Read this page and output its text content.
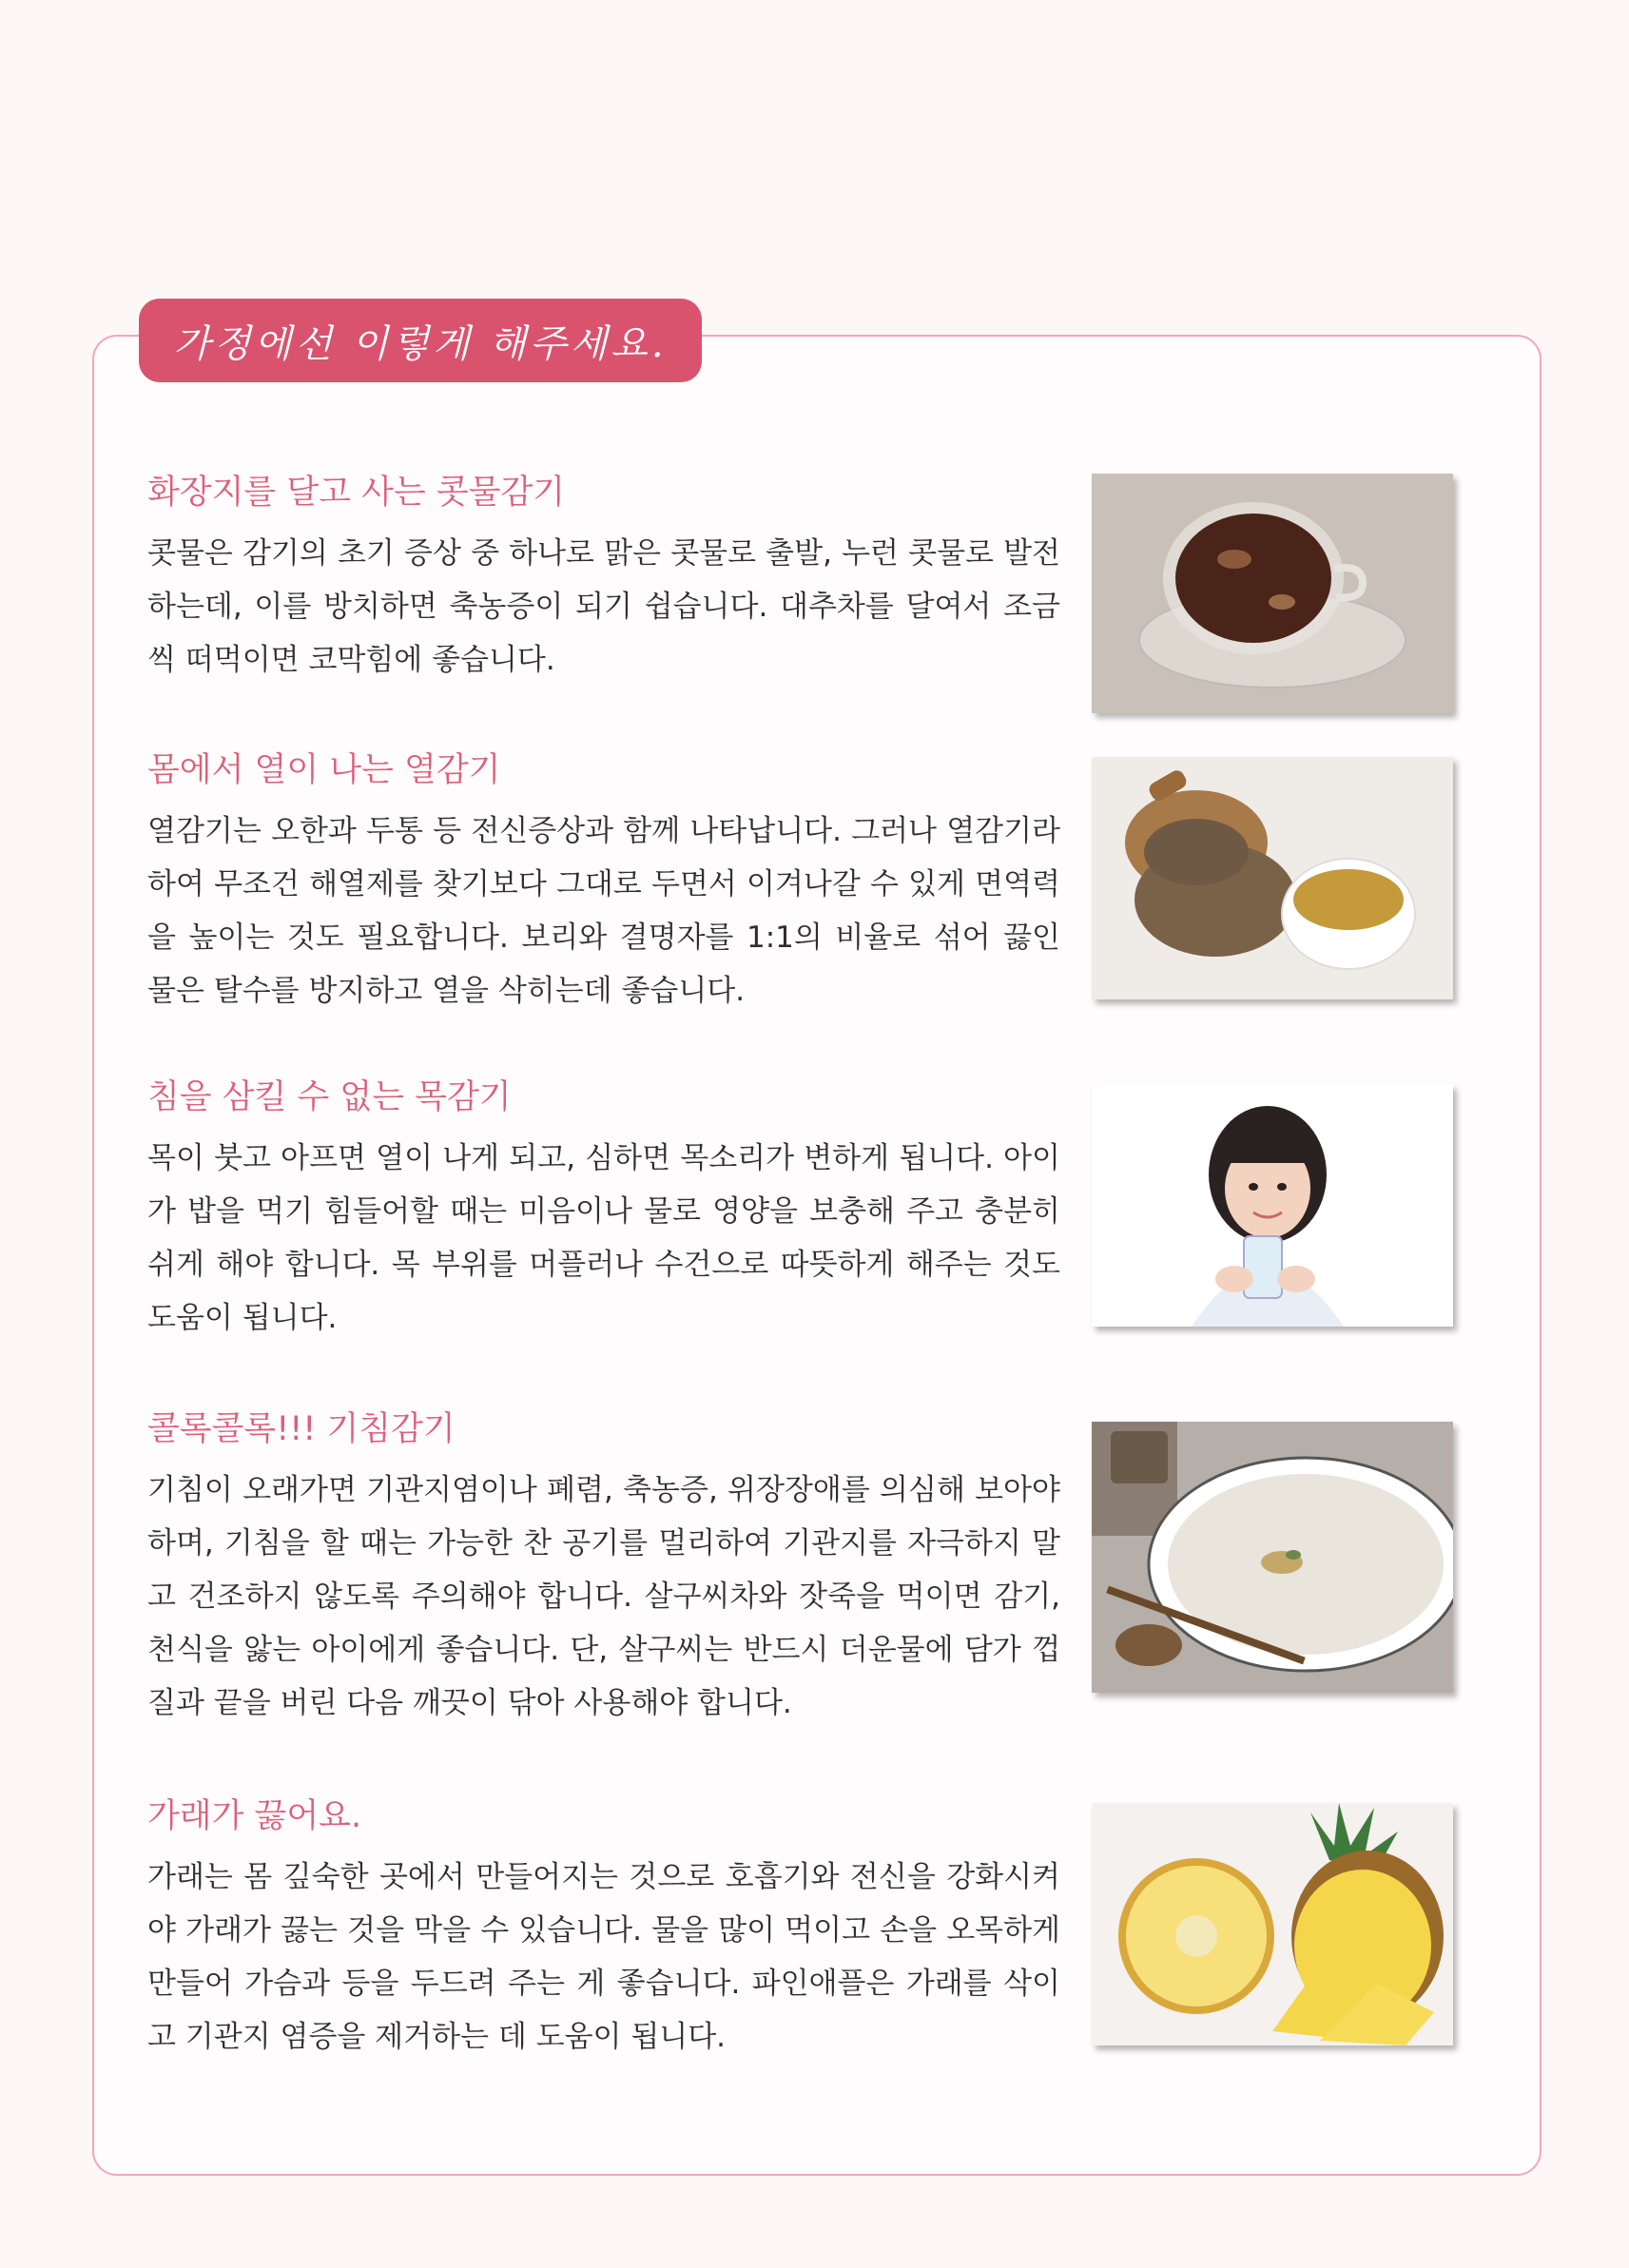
가정에선 이렇게 해주세요.
화장지를 달고 사는 콧물감기

콧물은 감기의 초기 증상 중 하나로 맑은 콧물로 출발, 누런 콧물로 발전하는데, 이를 방치하면 축농증이 되기 쉽습니다. 대추차를 달여서 조금씩 떠먹이면 코막힘에 좋습니다.

몸에서 열이 나는 열감기

열감기는 오한과 두통 등 전신증상과 함께 나타납니다. 그러나 열감기라 하여 무조건 해열제를 찾기보다 그대로 두면서 이겨나갈 수 있게 면역력을 높이는 것도 필요합니다. 보리와 결명자를 1:1의 비율로 섞어 끓인 물은 탈수를 방지하고 열을 삭히는데 좋습니다.

침을 삼킬 수 없는 목감기

목이 붓고 아프면 열이 나게 되고, 심하면 목소리가 변하게 됩니다. 아이가 밥을 먹기 힘들어할 때는 미음이나 물로 영양을 보충해 주고 충분히 쉬게 해야 합니다. 목 부위를 머플러나 수건으로 따뜻하게 해주는 것도 도움이 됩니다.

콜록콜록!!! 기침감기

기침이 오래가면 기관지염이나 폐렴, 축농증, 위장장애를 의심해 보아야 하며, 기침을 할 때는 가능한 찬 공기를 멀리하여 기관지를 자극하지 말고 건조하지 않도록 주의해야 합니다. 살구씨차와 잣죽을 먹이면 감기, 천식을 앓는 아이에게 좋습니다. 단, 살구씨는 반드시 더운물에 담가 껍질과 끝을 버린 다음 깨끗이 닦아 사용해야 합니다.

가래가 끓어요.

가래는 몸 깊숙한 곳에서 만들어지는 것으로 호흡기와 전신을 강화시켜야 가래가 끓는 것을 막을 수 있습니다. 물을 많이 먹이고 손을 오목하게 만들어 가슴과 등을 두드려 주는 게 좋습니다. 파인애플은 가래를 삭이고 기관지 염증을 제거하는 데 도움이 됩니다.
